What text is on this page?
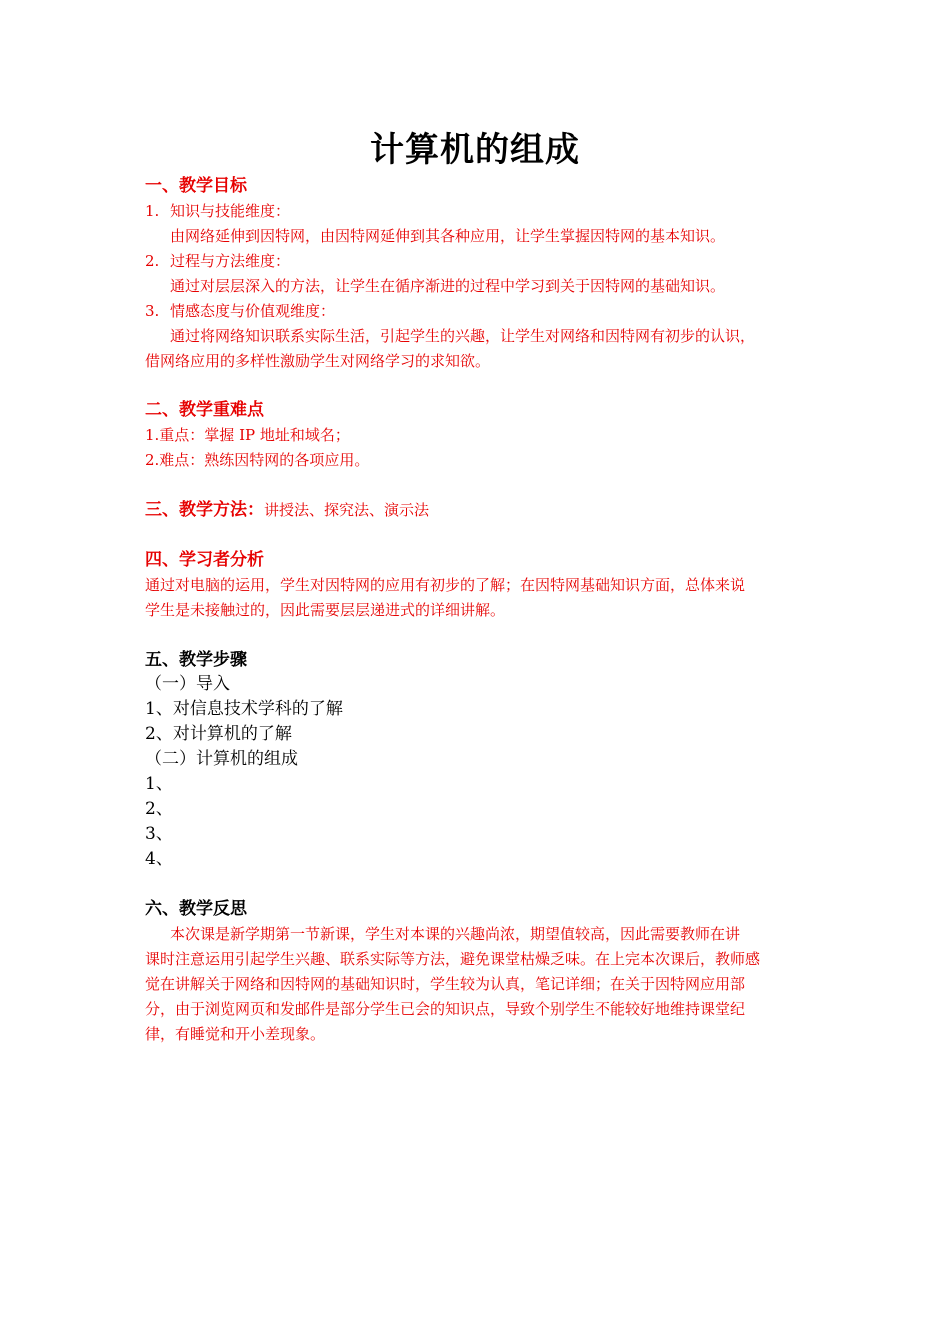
计算机的组成
一、教学目标
1. 知识与技能维度：
由网络延伸到因特网，由因特网延伸到其各种应用，让学生掌握因特网的基本知识。
2. 过程与方法维度：
通过对层层深入的方法，让学生在循序渐进的过程中学习到关于因特网的基础知识。
3. 情感态度与价值观维度：
通过将网络知识联系实际生活，引起学生的兴趣，让学生对网络和因特网有初步的认识，
借网络应用的多样性激励学生对网络学习的求知欲。
二、教学重难点
1.重点：掌握 IP 地址和域名；
2.难点：熟练因特网的各项应用。
三、教学方法：讲授法、探究法、演示法
四、学习者分析
通过对电脑的运用，学生对因特网的应用有初步的了解；在因特网基础知识方面，总体来说
学生是未接触过的，因此需要层层递进式的详细讲解。
五、教学步骤
（一）导入
1、对信息技术学科的了解
2、对计算机的了解
（二）计算机的组成
1、
2、
3、
4、
六、教学反思
本次课是新学期第一节新课，学生对本课的兴趣尚浓，期望值较高，因此需要教师在讲
课时注意运用引起学生兴趣、联系实际等方法，避免课堂枯燥乏味。在上完本次课后，教师感
觉在讲解关于网络和因特网的基础知识时，学生较为认真，笔记详细；在关于因特网应用部
分，由于浏览网页和发邮件是部分学生已会的知识点，导致个别学生不能较好地维持课堂纪
律，有睡觉和开小差现象。
